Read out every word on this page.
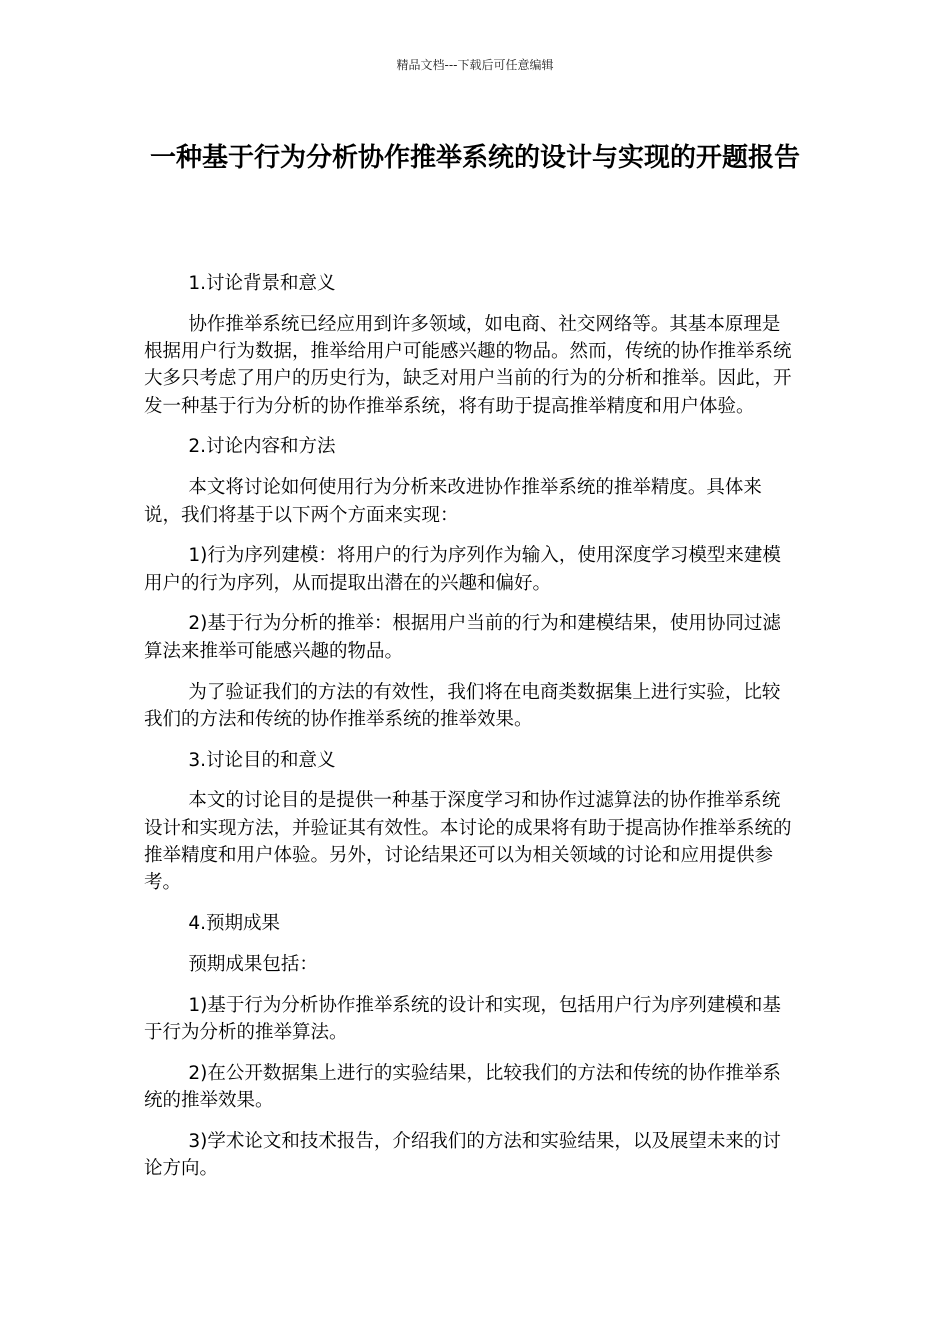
精品文档---下载后可任意编辑
一种基于行为分析协作推举系统的设计与实现的开题报告

1.讨论背景和意义

协作推举系统已经应用到许多领域，如电商、社交网络等。其基本原理是根据用户行为数据，推举给用户可能感兴趣的物品。然而，传统的协作推举系统大多只考虑了用户的历史行为，缺乏对用户当前的行为的分析和推举。因此，开发一种基于行为分析的协作推举系统，将有助于提高推举精度和用户体验。

2.讨论内容和方法

本文将讨论如何使用行为分析来改进协作推举系统的推举精度。具体来说，我们将基于以下两个方面来实现：

1)行为序列建模：将用户的行为序列作为输入，使用深度学习模型来建模用户的行为序列，从而提取出潜在的兴趣和偏好。

2)基于行为分析的推举：根据用户当前的行为和建模结果，使用协同过滤算法来推举可能感兴趣的物品。

为了验证我们的方法的有效性，我们将在电商类数据集上进行实验，比较我们的方法和传统的协作推举系统的推举效果。

3.讨论目的和意义

本文的讨论目的是提供一种基于深度学习和协作过滤算法的协作推举系统设计和实现方法，并验证其有效性。本讨论的成果将有助于提高协作推举系统的推举精度和用户体验。另外，讨论结果还可以为相关领域的讨论和应用提供参考。

4.预期成果

预期成果包括：

1)基于行为分析协作推举系统的设计和实现，包括用户行为序列建模和基于行为分析的推举算法。

2)在公开数据集上进行的实验结果，比较我们的方法和传统的协作推举系统的推举效果。

3)学术论文和技术报告，介绍我们的方法和实验结果，以及展望未来的讨论方向。
